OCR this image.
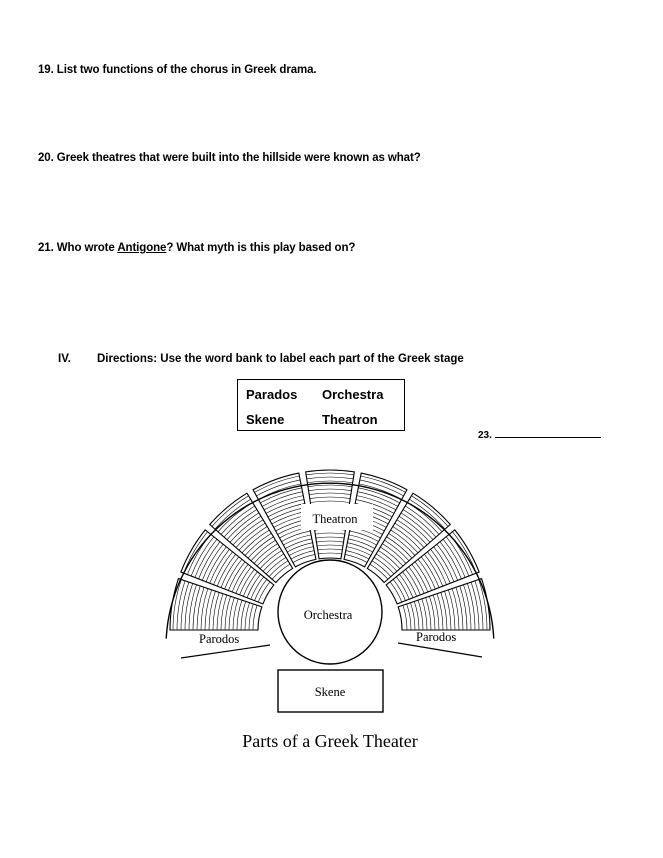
19. List two functions of the chorus in Greek drama.
20. Greek theatres that were built into the hillside were known as what?
21. Who wrote Antigone? What myth is this play based on?
IV. Directions: Use the word bank to label each part of the Greek stage
Parados Orchestra
Skene	Theatron
23.
Theatron
Orchestra
Parodos	Parodos
Skene
Parts of a Greek Theater
